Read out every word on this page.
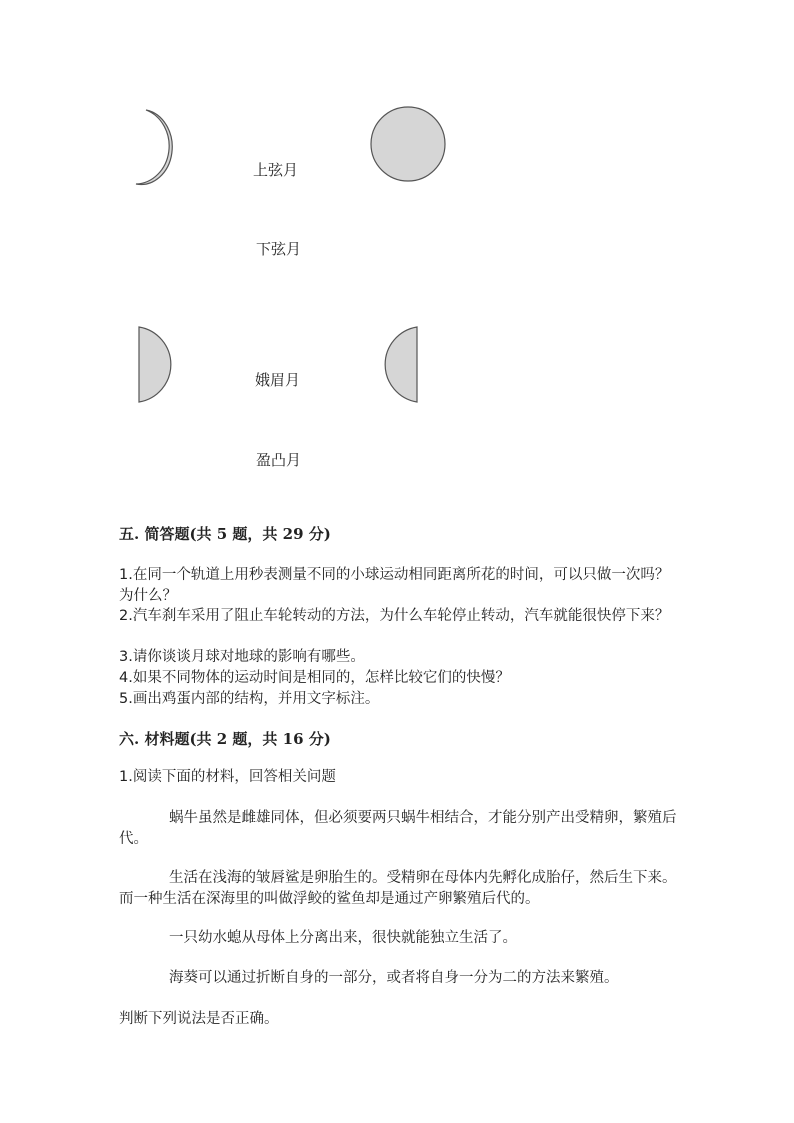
上弦月
下弦月
娥眉月
盈凸月
五. 简答题(共 5 题，共 29 分)
1.在同一个轨道上用秒表测量不同的小球运动相同距离所花的时间，可以只做一次吗？为什么？
2.汽车刹车采用了阻止车轮转动的方法，为什么车轮停止转动，汽车就能很快停下来？
3.请你谈谈月球对地球的影响有哪些。
4.如果不同物体的运动时间是相同的，怎样比较它们的快慢？
5.画出鸡蛋内部的结构，并用文字标注。
六. 材料题(共 2 题，共 16 分)
1.阅读下面的材料，回答相关问题
蜗牛虽然是雌雄同体，但必须要两只蜗牛相结合，才能分别产出受精卵，繁殖后代。
生活在浅海的皱唇鲨是卵胎生的。受精卵在母体内先孵化成胎仔，然后生下来。而一种生活在深海里的叫做浮鲛的鲨鱼却是通过产卵繁殖后代的。
一只幼水螅从母体上分离出来，很快就能独立生活了。
海葵可以通过折断自身的一部分，或者将自身一分为二的方法来繁殖。
判断下列说法是否正确。
